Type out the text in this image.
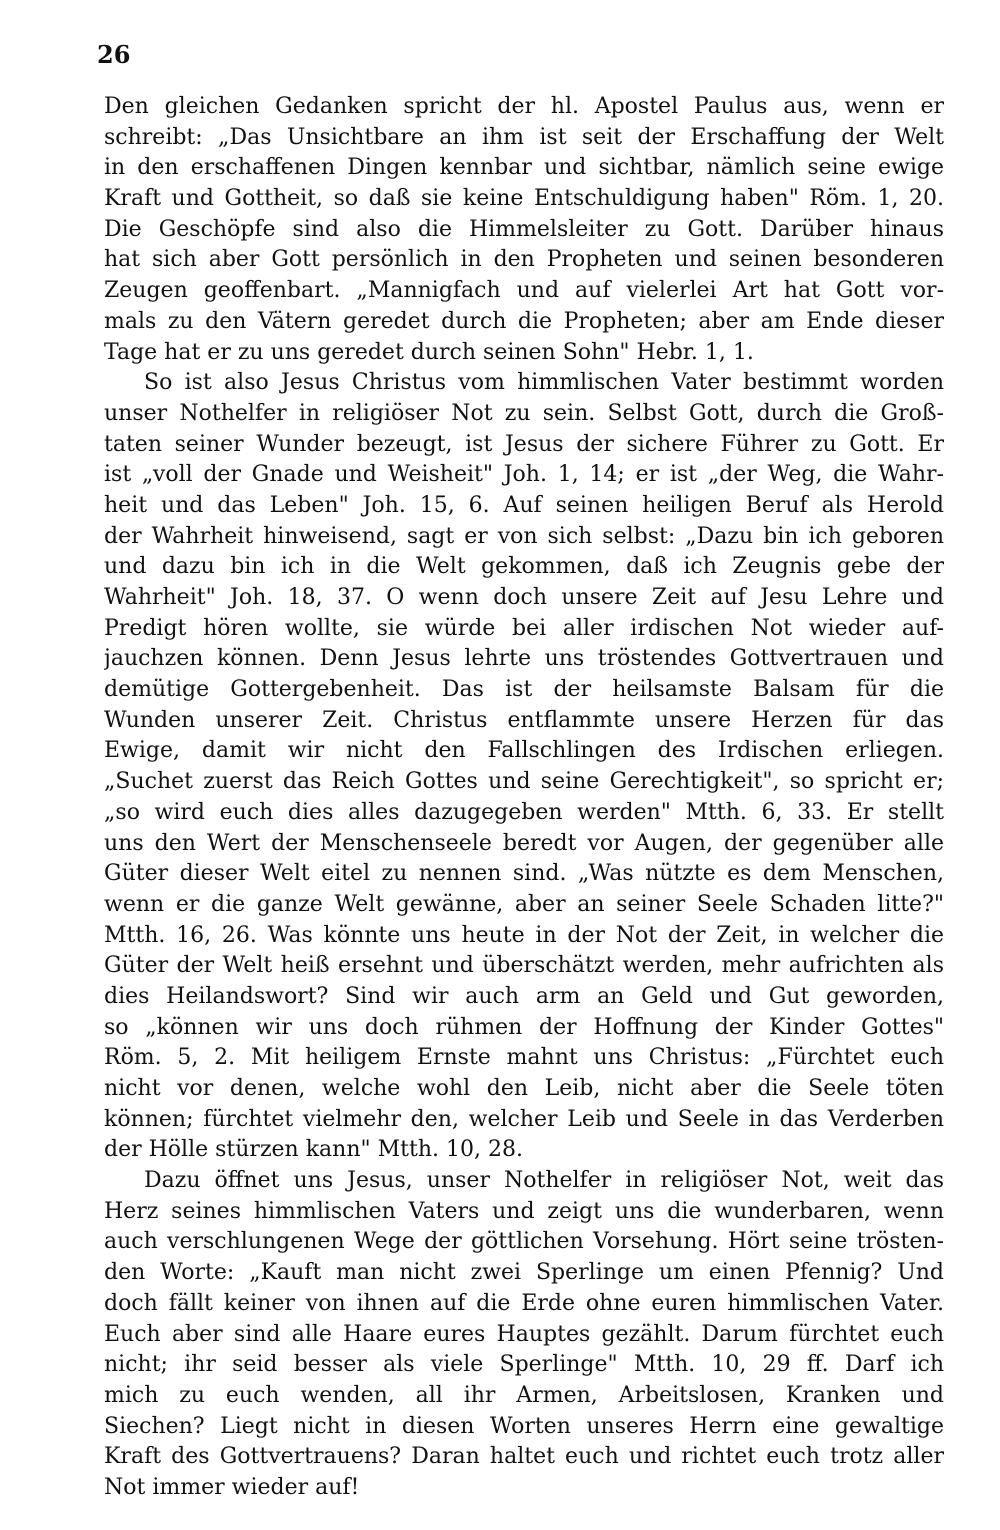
26
Den gleichen Gedanken spricht der hl. Apostel Paulus aus, wenn er
schreibt: „Das Unsichtbare an ihm ist seit der Erschaffung der Welt
in den erschaffenen Dingen kennbar und sichtbar, nämlich seine ewige
Kraft und Gottheit, so daß sie keine Entschuldigung haben" Röm. 1, 20.
Die Geschöpfe sind also die Himmelsleiter zu Gott. Darüber hinaus
hat sich aber Gott persönlich in den Propheten und seinen besonderen
Zeugen geoffenbart. „Mannigfach und auf vielerlei Art hat Gott vor-
mals zu den Vätern geredet durch die Propheten; aber am Ende dieser
Tage hat er zu uns geredet durch seinen Sohn" Hebr. 1, 1.
So ist also Jesus Christus vom himmlischen Vater bestimmt worden
unser Nothelfer in religiöser Not zu sein. Selbst Gott, durch die Groß-
taten seiner Wunder bezeugt, ist Jesus der sichere Führer zu Gott. Er
ist „voll der Gnade und Weisheit" Joh. 1, 14; er ist „der Weg, die Wahr-
heit und das Leben" Joh. 15, 6. Auf seinen heiligen Beruf als Herold
der Wahrheit hinweisend, sagt er von sich selbst: „Dazu bin ich geboren
und dazu bin ich in die Welt gekommen, daß ich Zeugnis gebe der
Wahrheit" Joh. 18, 37. O wenn doch unsere Zeit auf Jesu Lehre und
Predigt hören wollte, sie würde bei aller irdischen Not wieder auf-
jauchzen können. Denn Jesus lehrte uns tröstendes Gottvertrauen und
demütige Gottergebenheit. Das ist der heilsamste Balsam für die
Wunden unserer Zeit. Christus entflammte unsere Herzen für das
Ewige, damit wir nicht den Fallschlingen des Irdischen erliegen.
„Suchet zuerst das Reich Gottes und seine Gerechtigkeit", so spricht er;
„so wird euch dies alles dazugegeben werden" Mtth. 6, 33. Er stellt
uns den Wert der Menschenseele beredt vor Augen, der gegenüber alle
Güter dieser Welt eitel zu nennen sind. „Was nützte es dem Menschen,
wenn er die ganze Welt gewänne, aber an seiner Seele Schaden litte?"
Mtth. 16, 26. Was könnte uns heute in der Not der Zeit, in welcher die
Güter der Welt heiß ersehnt und überschätzt werden, mehr aufrichten als
dies Heilandswort? Sind wir auch arm an Geld und Gut geworden,
so „können wir uns doch rühmen der Hoffnung der Kinder Gottes"
Röm. 5, 2. Mit heiligem Ernste mahnt uns Christus: „Fürchtet euch
nicht vor denen, welche wohl den Leib, nicht aber die Seele töten
können; fürchtet vielmehr den, welcher Leib und Seele in das Verderben
der Hölle stürzen kann" Mtth. 10, 28.
Dazu öffnet uns Jesus, unser Nothelfer in religiöser Not, weit das
Herz seines himmlischen Vaters und zeigt uns die wunderbaren, wenn
auch verschlungenen Wege der göttlichen Vorsehung. Hört seine trösten-
den Worte: „Kauft man nicht zwei Sperlinge um einen Pfennig? Und
doch fällt keiner von ihnen auf die Erde ohne euren himmlischen Vater.
Euch aber sind alle Haare eures Hauptes gezählt. Darum fürchtet euch
nicht; ihr seid besser als viele Sperlinge" Mtth. 10, 29 ff. Darf ich
mich zu euch wenden, all ihr Armen, Arbeitslosen, Kranken und
Siechen? Liegt nicht in diesen Worten unseres Herrn eine gewaltige
Kraft des Gottvertrauens? Daran haltet euch und richtet euch trotz aller
Not immer wieder auf!
